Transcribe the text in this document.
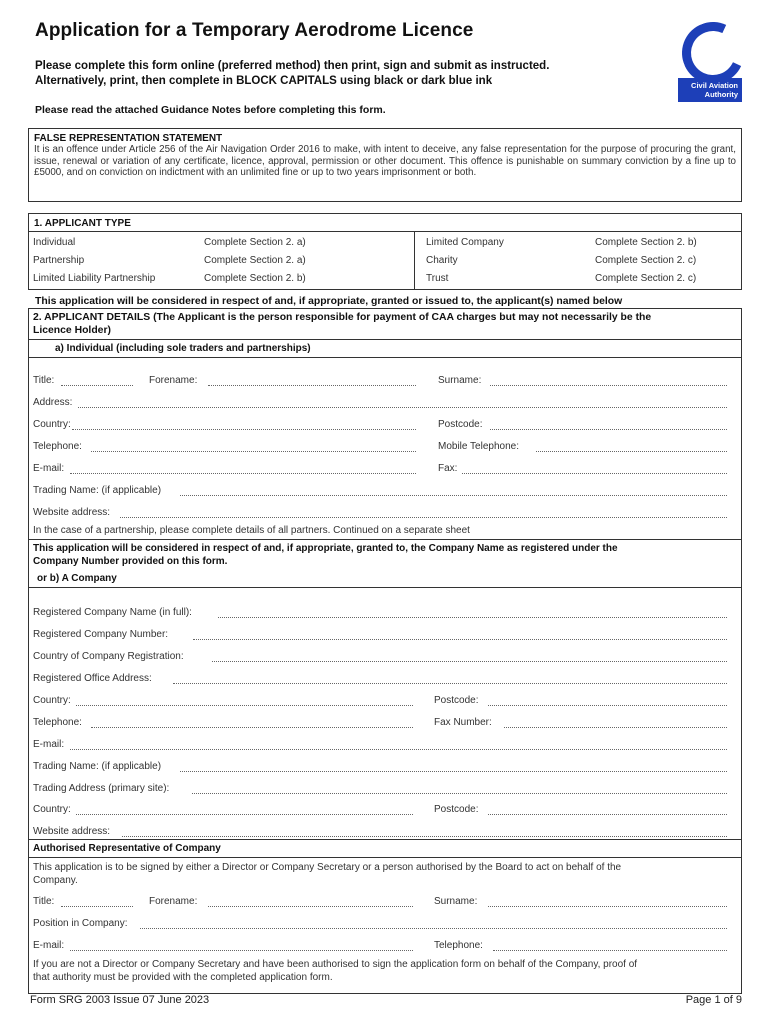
Application for a Temporary Aerodrome Licence
Please complete this form online (preferred method) then print, sign and submit as instructed.
Alternatively, print, then complete in BLOCK CAPITALS using black or dark blue ink
Please read the attached Guidance Notes before completing this form.
Civil Aviation
Authority
FALSE REPRESENTATION STATEMENT
It is an offence under Article 256 of the Air Navigation Order 2016 to make, with intent to deceive, any false representation for the purpose of procuring the grant, issue, renewal or variation of any certificate, licence, approval, permission or other document. This offence is punishable on summary conviction by a fine up to £5000, and on conviction on indictment with an unlimited fine or up to two years imprisonment or both.
1. APPLICANT TYPE
Individual	Complete Section 2. a)	Limited Company	Complete Section 2. b)
Partnership	Complete Section 2. a)	Charity	Complete Section 2. c)
Limited Liability Partnership	Complete Section 2. b)	Trust	Complete Section 2. c)
This application will be considered in respect of and, if appropriate, granted or issued to, the applicant(s) named below
2. APPLICANT DETAILS (The Applicant is the person responsible for payment of CAA charges but may not necessarily be the
Licence Holder)
a) Individual (including sole traders and partnerships)
Title:	Forename:	Surname:
Address:
Country:	Postcode:
Telephone:	Mobile Telephone:
E-mail:	Fax:
Trading Name: (if applicable)
Website address:
In the case of a partnership, please complete details of all partners. Continued on a separate sheet
This application will be considered in respect of and, if appropriate, granted to, the Company Name as registered under the
Company Number provided on this form.
or b) A Company
Registered Company Name (in full):
Registered Company Number:
Country of Company Registration:
Registered Office Address:
Country:	Postcode:
Telephone:	Fax Number:
E-mail:
Trading Name: (if applicable)
Trading Address (primary site):
Country:	Postcode:
Website address:
Authorised Representative of Company
This application is to be signed by either a Director or Company Secretary or a person authorised by the Board to act on behalf of the
Company.
Title:	Forename:	Surname:
Position in Company:
E-mail:	Telephone:
If you are not a Director or Company Secretary and have been authorised to sign the application form on behalf of the Company, proof of
that authority must be provided with the completed application form.
Form SRG 2003 Issue 07 June 2023	Page 1 of 9
